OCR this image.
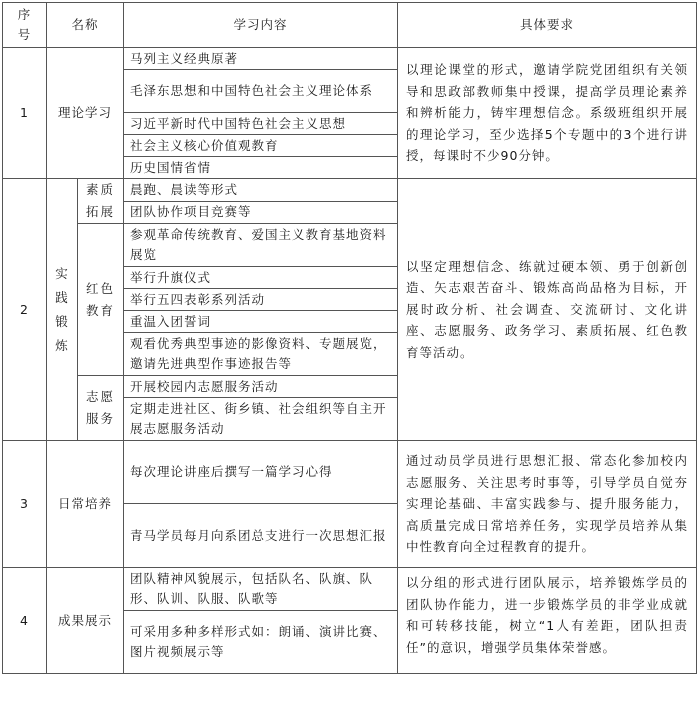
序号	名称		学习内容	具体要求
1	理论学习		马列主义经典原著	以理论课堂的形式，邀请学院党团组织有关领导和思政部教师集中授课，提高学员理论素养和辨析能力，铸牢理想信念。系级班组织开展的理论学习，至少选择5个专题中的3个进行讲授，每课时不少90分钟。
			毛泽东思想和中国特色社会主义理论体系	
			习近平新时代中国特色社会主义思想	
			社会主义核心价值观教育	
			历史国情省情	
2	实践锻炼	素质拓展	晨跑、晨读等形式	以坚定理想信念、练就过硬本领、勇于创新创造、矢志艰苦奋斗、锻炼高尚品格为目标，开展时政分析、社会调查、交流研讨、文化讲座、志愿服务、政务学习、素质拓展、红色教育等活动。
			团队协作项目竞赛等	
		红色教育	参观革命传统教育、爱国主义教育基地资料展览	
			举行升旗仪式	
			举行五四表彰系列活动	
			重温入团誓词	
			观看优秀典型事迹的影像资料、专题展览，邀请先进典型作事迹报告等	
		志愿服务	开展校园内志愿服务活动	
			定期走进社区、街乡镇、社会组织等自主开展志愿服务活动	
3	日常培养		每次理论讲座后撰写一篇学习心得	通过动员学员进行思想汇报、常态化参加校内志愿服务、关注思考时事等，引导学员自觉夯实理论基础、丰富实践参与、提升服务能力，高质量完成日常培养任务，实现学员培养从集中性教育向全过程教育的提升。
			青马学员每月向系团总支进行一次思想汇报	
4	成果展示		团队精神风貌展示，包括队名、队旗、队形、队训、队服、队歌等	以分组的形式进行团队展示，培养锻炼学员的团队协作能力，进一步锻炼学员的非学业成就和可转移技能，树立“1人有差距，团队担责任”的意识，增强学员集体荣誉感。
			可采用多种多样形式如：朗诵、演讲比赛、图片视频展示等	
